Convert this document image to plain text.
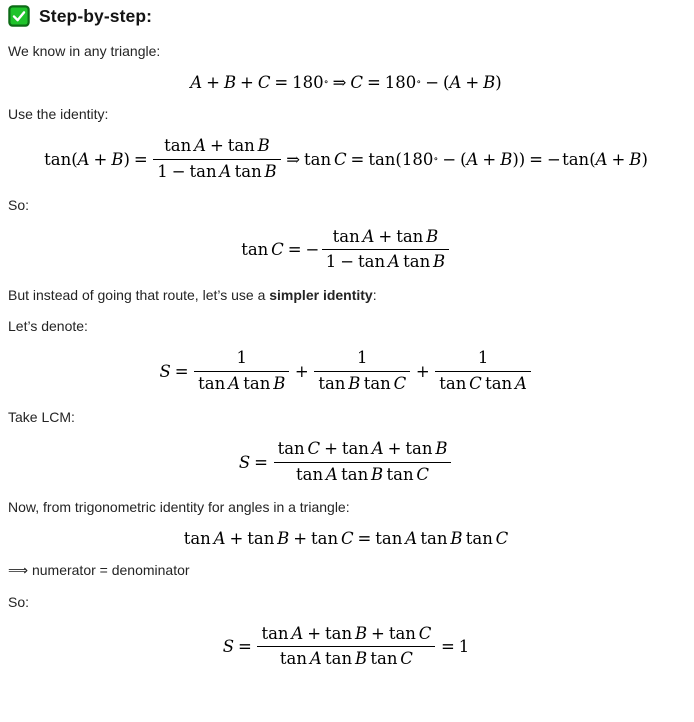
Step-by-step:

We know in any triangle:

A + B + C = 180 ∘ ⇒ C = 180 ∘ − ( A + B )

Use the identity:

tan ( A + B ) = $\frac{\text{tan A + tan B}}{\text{1 − tan A tan B}}$ ⇒ tan C = tan ( 180 ∘ − ( A + B )) = − tan ( A + B )

So:

tan C = − $\frac{\text{tan A + tan B}}{\text{1 − tan A tan B}}$

But instead of going that route, let’s use a simpler identity:

Let’s denote:

$S = \frac{1}{\text{tan A tan B}} + \frac{1}{\text{tan B tan C}} + \frac{1}{\text{tan C tan A}}$

Take LCM:

$S = \frac{\text{tan C + tan A + tan B}}{\text{tan A tan B tan C}}$

Now, from trigonometric identity for angles in a triangle:

tan A + tan B + tan C = tan A tan B tan C

⟹ numerator = denominator

So:

$S = \frac{\text{tan A + tan B + tan C}}{\text{tan A tan B tan C}} = 1$
